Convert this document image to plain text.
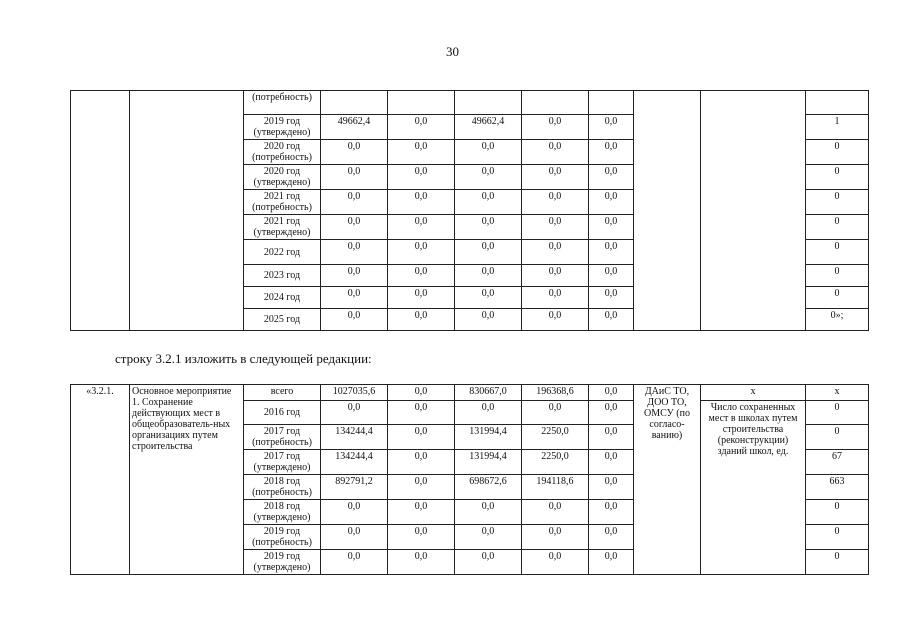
30
		(потребность)								
		2019 год (утверждено)	49662,4	0,0	49662,4	0,0	0,0			1
		2020 год (потребность)	0,0	0,0	0,0	0,0	0,0			0
		2020 год (утверждено)	0,0	0,0	0,0	0,0	0,0			0
		2021 год (потребность)	0,0	0,0	0,0	0,0	0,0			0
		2021 год (утверждено)	0,0	0,0	0,0	0,0	0,0			0
		2022 год	0,0	0,0	0,0	0,0	0,0			0
		2023 год	0,0	0,0	0,0	0,0	0,0			0
		2024 год	0,0	0,0	0,0	0,0	0,0			0
		2025 год	0,0	0,0	0,0	0,0	0,0			0»;
строку 3.2.1 изложить в следующей редакции:
«3.2.1.	Основное мероприятие 1. Сохранение действующих мест в общеобразователь-ных организациях путем строительства	всего	1027035,6	0,0	830667,0	196368,6	0,0	ДАиС ТО, ДОО ТО, ОМСУ (по согласо-ванию)	х	х
		2016 год	0,0	0,0	0,0	0,0	0,0		Число сохраненных мест в школах путем строительства (реконструкции) зданий школ, ед.	0
		2017 год (потребность)	134244,4	0,0	131994,4	2250,0	0,0			0
		2017 год (утверждено)	134244,4	0,0	131994,4	2250,0	0,0			67
		2018 год (потребность)	892791,2	0,0	698672,6	194118,6	0,0			663
		2018 год (утверждено)	0,0	0,0	0,0	0,0	0,0			0
		2019 год (потребность)	0,0	0,0	0,0	0,0	0,0			0
		2019 год (утверждено)	0,0	0,0	0,0	0,0	0,0			0
